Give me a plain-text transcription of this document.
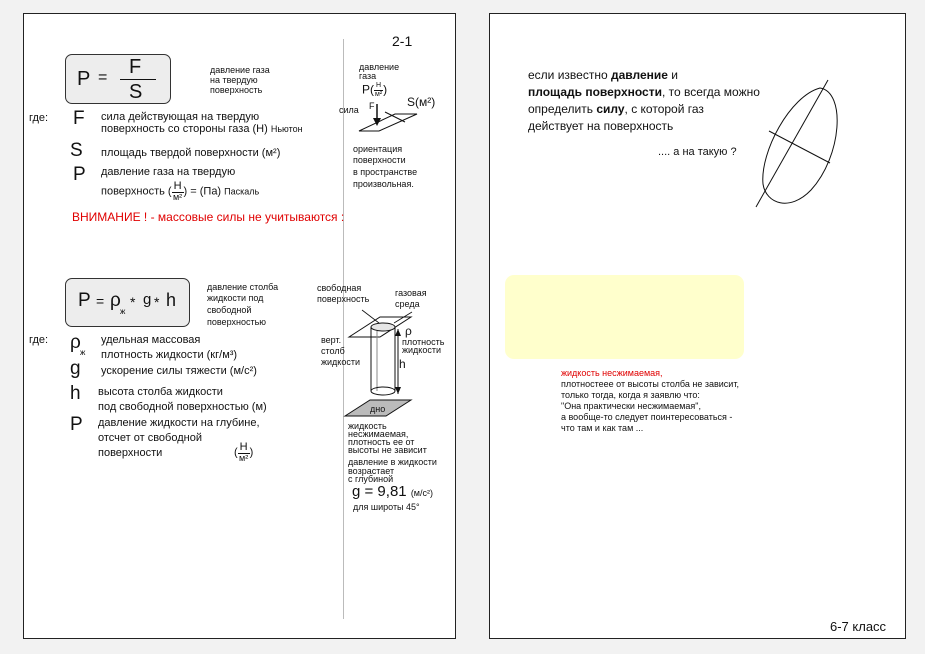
2-1
P = F
S
давление газа
на твердую
поверхность
где: F сила действующая на твердую
поверхность со стороны газа (Н) Ньютон
S площадь твердой поверхности (м²)
P давление газа на твердую
поверхность ( $\frac{Н}{\text{м²}}$ ) = (Па) Паскаль
давление
газа
$P( \frac{Н}{\text{м²}}$ )
сила F	S(м²)
ориентация
поверхности
в пространстве
произвольная.
ВНИМАНИЕ ! - массовые силы не учитываются :
P = ρ
ж
* g * h
давление столба
жидкости под
свободной
поверхностью
где: ρ ж
удельная массовая
плотность жидкости (кг/м³)
g ускорение силы тяжести (м/с²)
h высота столба жидкости
под свободной поверхностью (м)
P давление жидкости на глубине,
отсчет от свободной
поверхности	( $\frac{Н}{\text{м²}}$ )
свободная
поверхность
газовая
среда
верт.
столб
жидкости
ρ
плотность
жидкости
h
дно
жидкость
несжимаемая,
плотность ее от
высоты не зависит
давление в жидкости
возрастает
с глубиной
g = 9,81 (м/с²)
для широты 45°
если известно давление и
площадь поверхности, то всегда можно
определить силу, с которой газ
действует на поверхность
.... а на такую ?
жидкость несжимаемая,
плотностеее от высоты столба не зависит,
только тогда, когда я заявлю что:
"Она практически несжимаемая",
а вообще-то следует поинтересоваться -
что там и как там ...
6-7 класс
